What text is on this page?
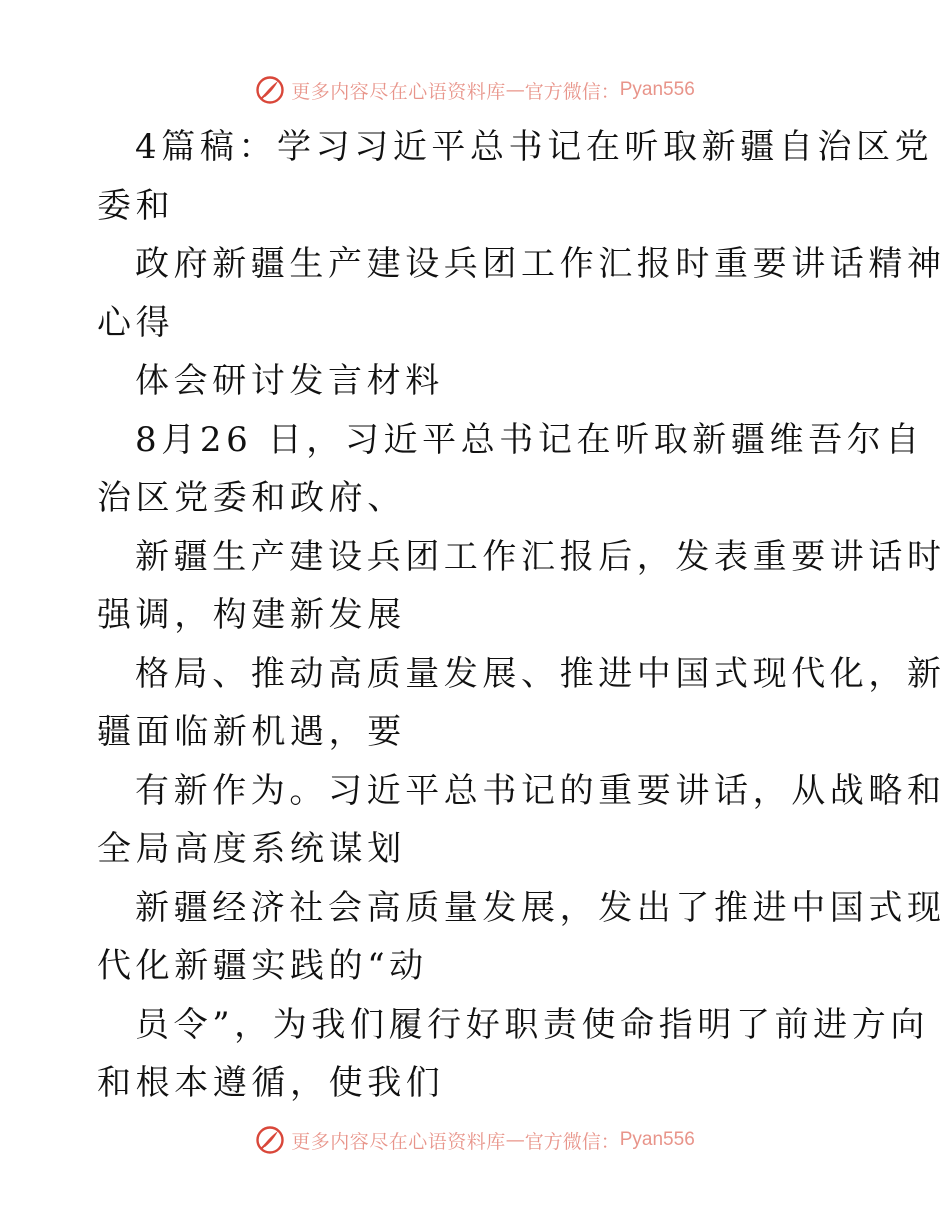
更多内容尽在心语资料库 — 官方微信： Pyan556
4篇稿：学习习近平总书记在听取新疆自治区党
委和
政府新疆生产建设兵团工作汇报时重要讲话精神
心得
体会研讨发言材料
8月26 日，习近平总书记在听取新疆维吾尔自
治区党委和政府、
新疆生产建设兵团工作汇报后，发表重要讲话时
强调，构建新发展
格局、推动高质量发展、推进中国式现代化，新
疆面临新机遇，要
有新作为。习近平总书记的重要讲话，从战略和
全局高度系统谋划
新疆经济社会高质量发展，发出了推进中国式现
代化新疆实践的“动
员令”，为我们履行好职责使命指明了前进方向
和根本遵循，使我们
更多内容尽在心语资料库 — 官方微信： Pyan556
